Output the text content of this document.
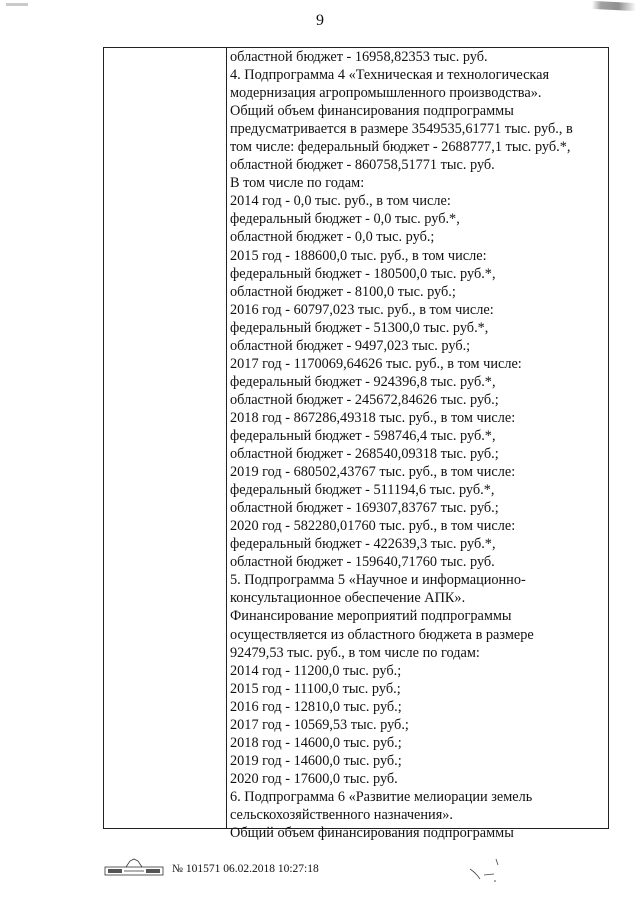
9
областной бюджет - 16958,82353 тыс. руб.
4. Подпрограмма 4 «Техническая и технологическая
модернизация агропромышленного производства».
Общий объем финансирования подпрограммы
предусматривается в размере 3549535,61771 тыс. руб., в
том числе: федеральный бюджет - 2688777,1 тыс. руб.*,
областной бюджет - 860758,51771 тыс. руб.
В том числе по годам:
2014 год - 0,0 тыс. руб., в том числе:
федеральный бюджет - 0,0 тыс. руб.*,
областной бюджет - 0,0 тыс. руб.;
2015 год - 188600,0 тыс. руб., в том числе:
федеральный бюджет - 180500,0 тыс. руб.*,
областной бюджет - 8100,0 тыс. руб.;
2016 год - 60797,023 тыс. руб., в том числе:
федеральный бюджет - 51300,0 тыс. руб.*,
областной бюджет - 9497,023 тыс. руб.;
2017 год - 1170069,64626 тыс. руб., в том числе:
федеральный бюджет - 924396,8 тыс. руб.*,
областной бюджет - 245672,84626 тыс. руб.;
2018 год - 867286,49318 тыс. руб., в том числе:
федеральный бюджет - 598746,4 тыс. руб.*,
областной бюджет - 268540,09318 тыс. руб.;
2019 год - 680502,43767 тыс. руб., в том числе:
федеральный бюджет - 511194,6 тыс. руб.*,
областной бюджет - 169307,83767 тыс. руб.;
2020 год - 582280,01760 тыс. руб., в том числе:
федеральный бюджет - 422639,3 тыс. руб.*,
областной бюджет - 159640,71760 тыс. руб.
5. Подпрограмма 5 «Научное и информационно-
консультационное обеспечение АПК».
Финансирование мероприятий подпрограммы
осуществляется из областного бюджета в размере
92479,53 тыс. руб., в том числе по годам:
2014 год - 11200,0 тыс. руб.;
2015 год - 11100,0 тыс. руб.;
2016 год - 12810,0 тыс. руб.;
2017 год - 10569,53 тыс. руб.;
2018 год - 14600,0 тыс. руб.;
2019 год - 14600,0 тыс. руб.;
2020 год - 17600,0 тыс. руб.
6. Подпрограмма 6 «Развитие мелиорации земель
сельскохозяйственного назначения».
Общий объем финансирования подпрограммы
№ 101571 06.02.2018 10:27:18
